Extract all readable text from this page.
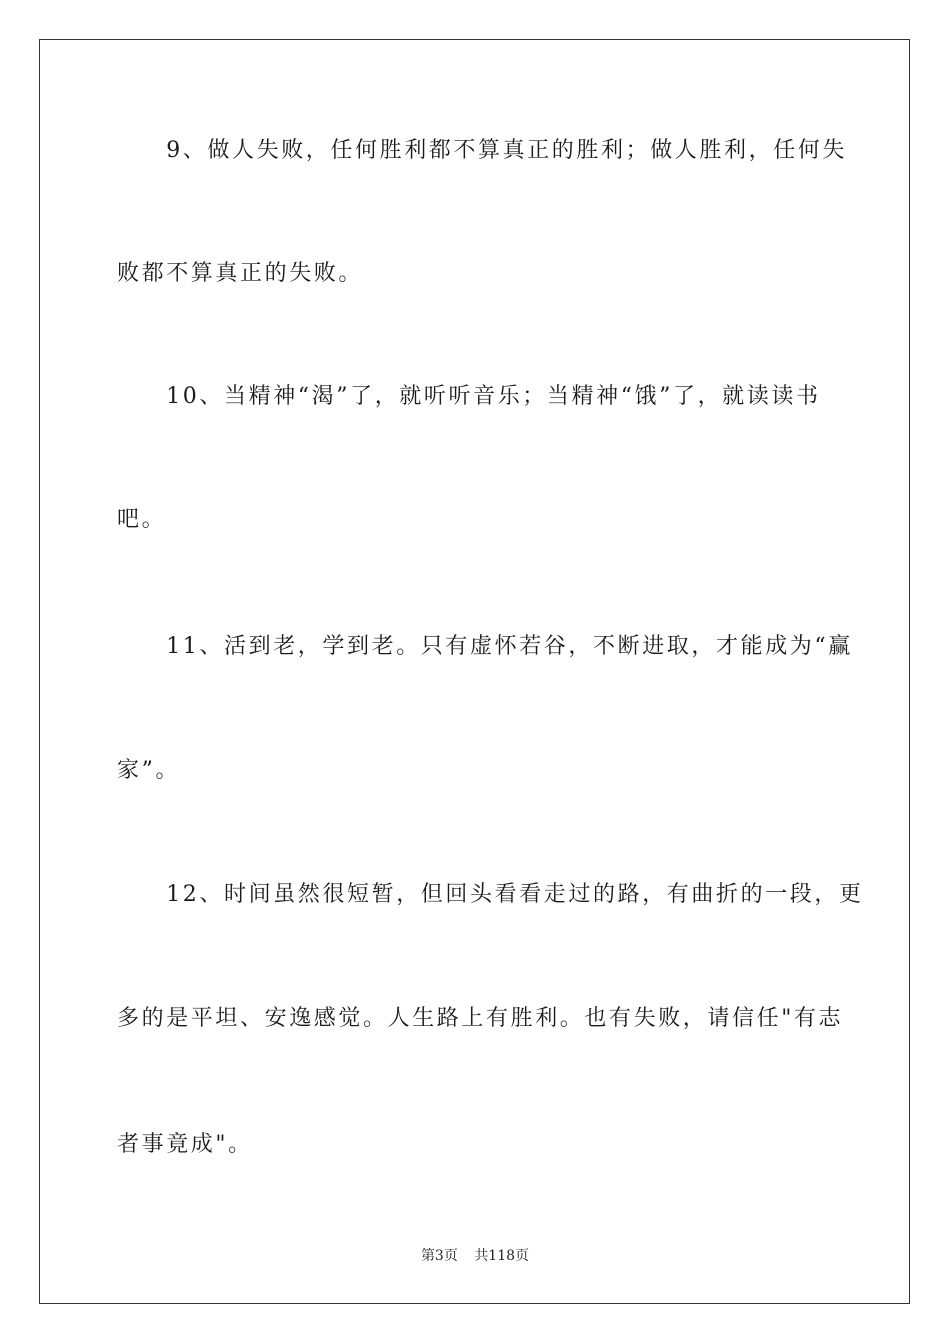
　　9、做人失败，任何胜利都不算真正的胜利；做人胜利，任何失
败都不算真正的失败。
　　10、当精神“渴”了，就听听音乐；当精神“饿”了，就读读书
吧。
　　11、活到老，学到老。只有虚怀若谷，不断进取，才能成为“赢
家”。
　　12、时间虽然很短暂，但回头看看走过的路，有曲折的一段，更
多的是平坦、安逸感觉。人生路上有胜利。也有失败，请信任"有志
者事竟成"。
第3页 共118页
